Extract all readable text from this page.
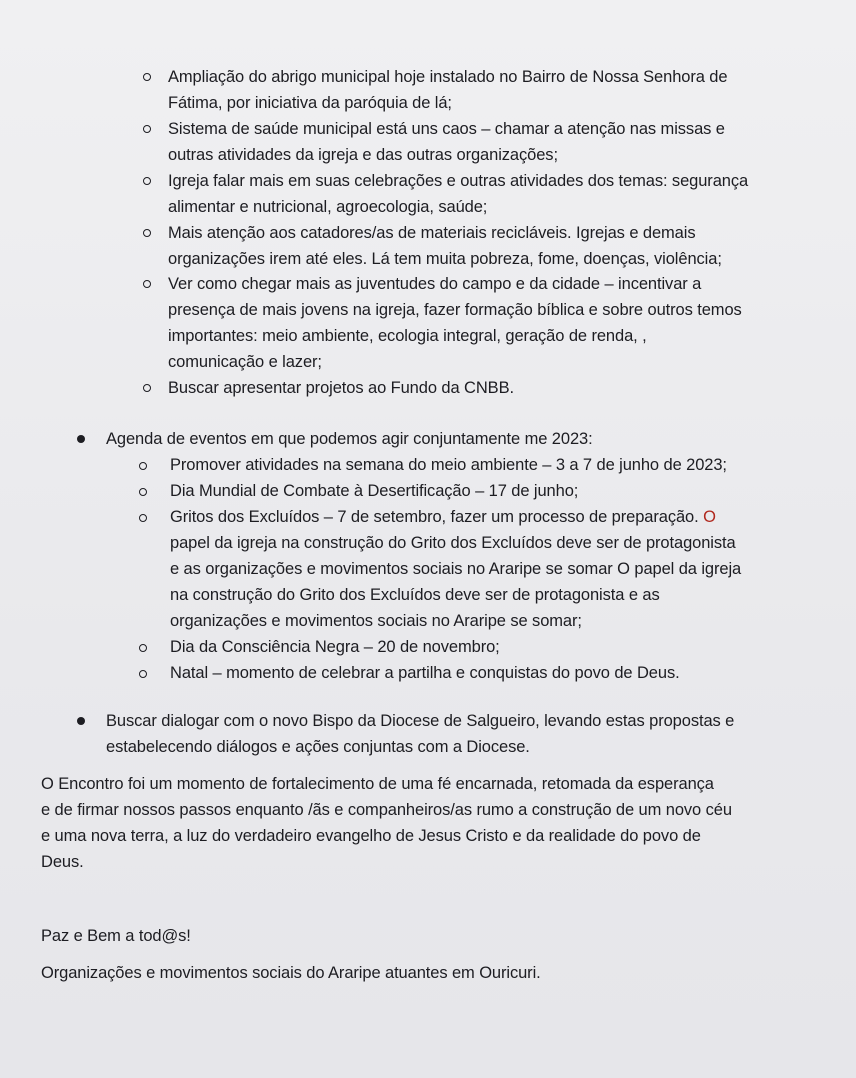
Ampliação do abrigo municipal hoje instalado no Bairro de Nossa Senhora de
Fátima, por iniciativa da paróquia de lá;
Sistema de saúde municipal está uns caos – chamar a atenção nas missas e
outras atividades da igreja e das outras organizações;
Igreja falar mais em suas celebrações e outras atividades dos temas: segurança
alimentar e nutricional, agroecologia, saúde;
Mais atenção aos catadores/as de materiais recicláveis. Igrejas e demais
organizações irem até eles. Lá tem muita pobreza, fome, doenças, violência;
Ver como chegar mais as juventudes do campo e da cidade – incentivar a
presença de mais jovens na igreja, fazer formação bíblica e sobre outros temos
importantes: meio ambiente, ecologia integral, geração de renda, ,
comunicação e lazer;
Buscar apresentar projetos ao Fundo da CNBB.
Agenda de eventos em que podemos agir conjuntamente me 2023:
Promover atividades na semana do meio ambiente – 3 a 7 de junho de 2023;
Dia Mundial de Combate à Desertificação – 17 de junho;
Gritos dos Excluídos – 7 de setembro, fazer um processo de preparação. O
papel da igreja na construção do Grito dos Excluídos deve ser de protagonista
e as organizações e movimentos sociais no Araripe se somar O papel da igreja
na construção do Grito dos Excluídos deve ser de protagonista e as
organizações e movimentos sociais no Araripe se somar;
Dia da Consciência Negra – 20 de novembro;
Natal – momento de celebrar a partilha e conquistas do povo de Deus.
Buscar dialogar com o novo Bispo da Diocese de Salgueiro, levando estas propostas e
estabelecendo diálogos e ações conjuntas com a Diocese.
O Encontro foi um momento de fortalecimento de uma fé encarnada, retomada da esperança
e de firmar nossos passos enquanto /ãs e companheiros/as rumo a construção de um novo céu
e uma nova terra, a luz do verdadeiro evangelho de Jesus Cristo e da realidade do povo de
Deus.
Paz e Bem a tod@s!
Organizações e movimentos sociais do Araripe atuantes em Ouricuri.
